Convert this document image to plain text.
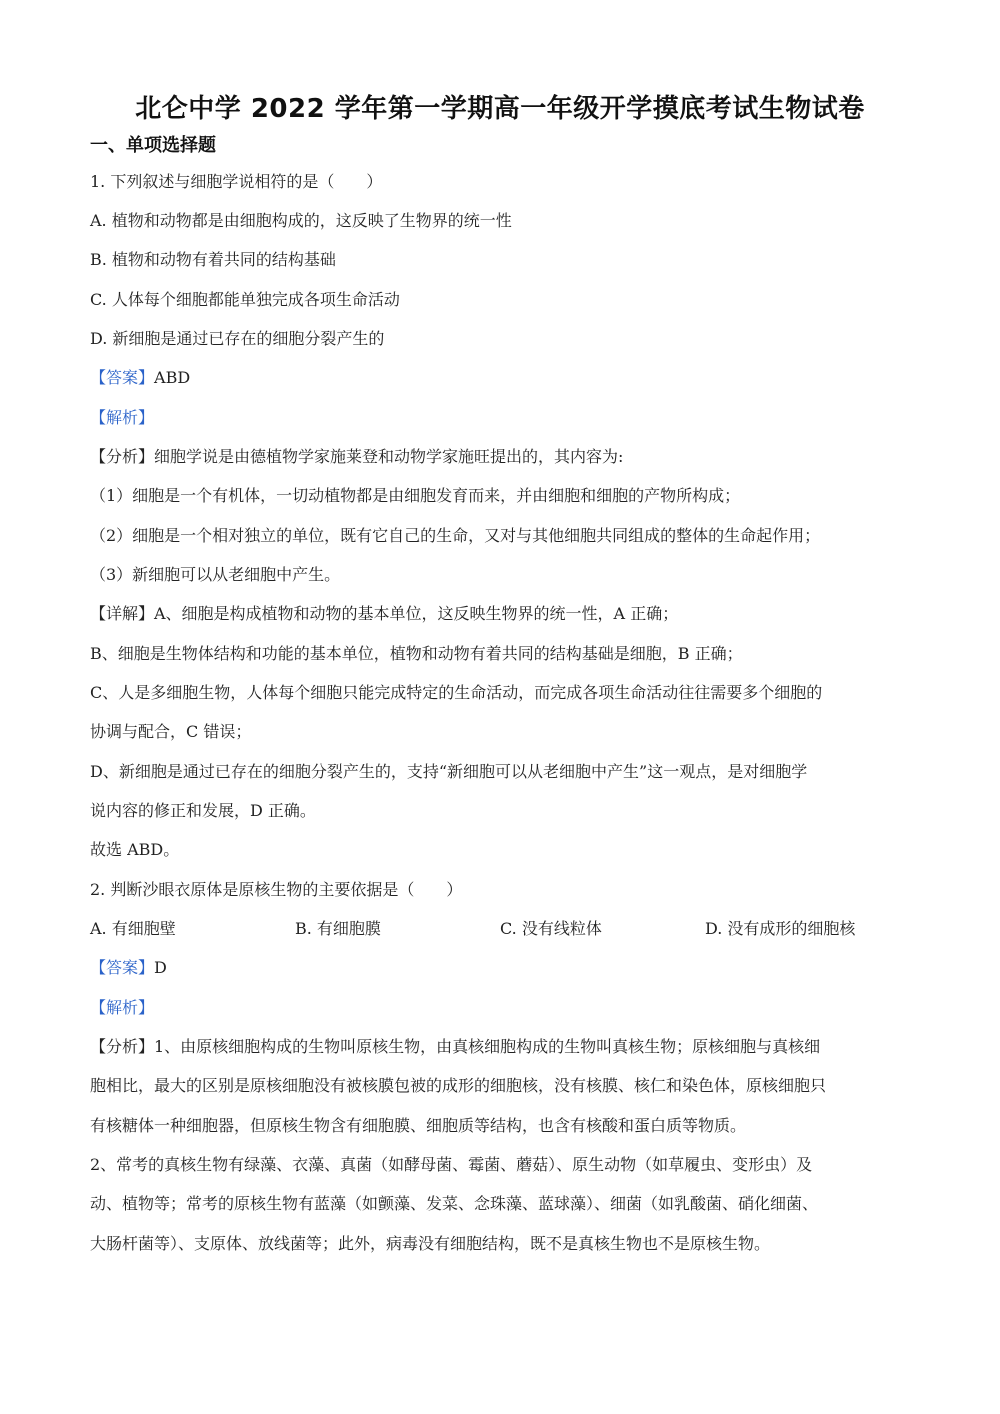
北仑中学 2022 学年第一学期高一年级开学摸底考试生物试卷
一、单项选择题
1. 下列叙述与细胞学说相符的是（　　）
A. 植物和动物都是由细胞构成的，这反映了生物界的统一性
B. 植物和动物有着共同的结构基础
C. 人体每个细胞都能单独完成各项生命活动
D. 新细胞是通过已存在的细胞分裂产生的
【答案】ABD
【解析】
【分析】细胞学说是由德植物学家施莱登和动物学家施旺提出的，其内容为:
（1）细胞是一个有机体，一切动植物都是由细胞发育而来，并由细胞和细胞的产物所构成；
（2）细胞是一个相对独立的单位，既有它自己的生命，又对与其他细胞共同组成的整体的生命起作用；
（3）新细胞可以从老细胞中产生。
【详解】A、细胞是构成植物和动物的基本单位，这反映生物界的统一性，A 正确；
B、细胞是生物体结构和功能的基本单位，植物和动物有着共同的结构基础是细胞，B 正确；
C、人是多细胞生物，人体每个细胞只能完成特定的生命活动，而完成各项生命活动往往需要多个细胞的
协调与配合，C 错误；
D、新细胞是通过已存在的细胞分裂产生的，支持“新细胞可以从老细胞中产生”这一观点，是对细胞学
说内容的修正和发展，D 正确。
故选 ABD。
2. 判断沙眼衣原体是原核生物的主要依据是（　　）
A. 有细胞壁	B. 有细胞膜	C. 没有线粒体	D. 没有成形的细胞核
【答案】D
【解析】
【分析】1、由原核细胞构成的生物叫原核生物，由真核细胞构成的生物叫真核生物；原核细胞与真核细
胞相比，最大的区别是原核细胞没有被核膜包被的成形的细胞核，没有核膜、核仁和染色体，原核细胞只
有核糖体一种细胞器，但原核生物含有细胞膜、细胞质等结构，也含有核酸和蛋白质等物质。
2、常考的真核生物有绿藻、衣藻、真菌（如酵母菌、霉菌、蘑菇）、原生动物（如草履虫、变形虫）及
动、植物等；常考的原核生物有蓝藻（如颤藻、发菜、念珠藻、蓝球藻）、细菌（如乳酸菌、硝化细菌、
大肠杆菌等）、支原体、放线菌等；此外，病毒没有细胞结构，既不是真核生物也不是原核生物。
